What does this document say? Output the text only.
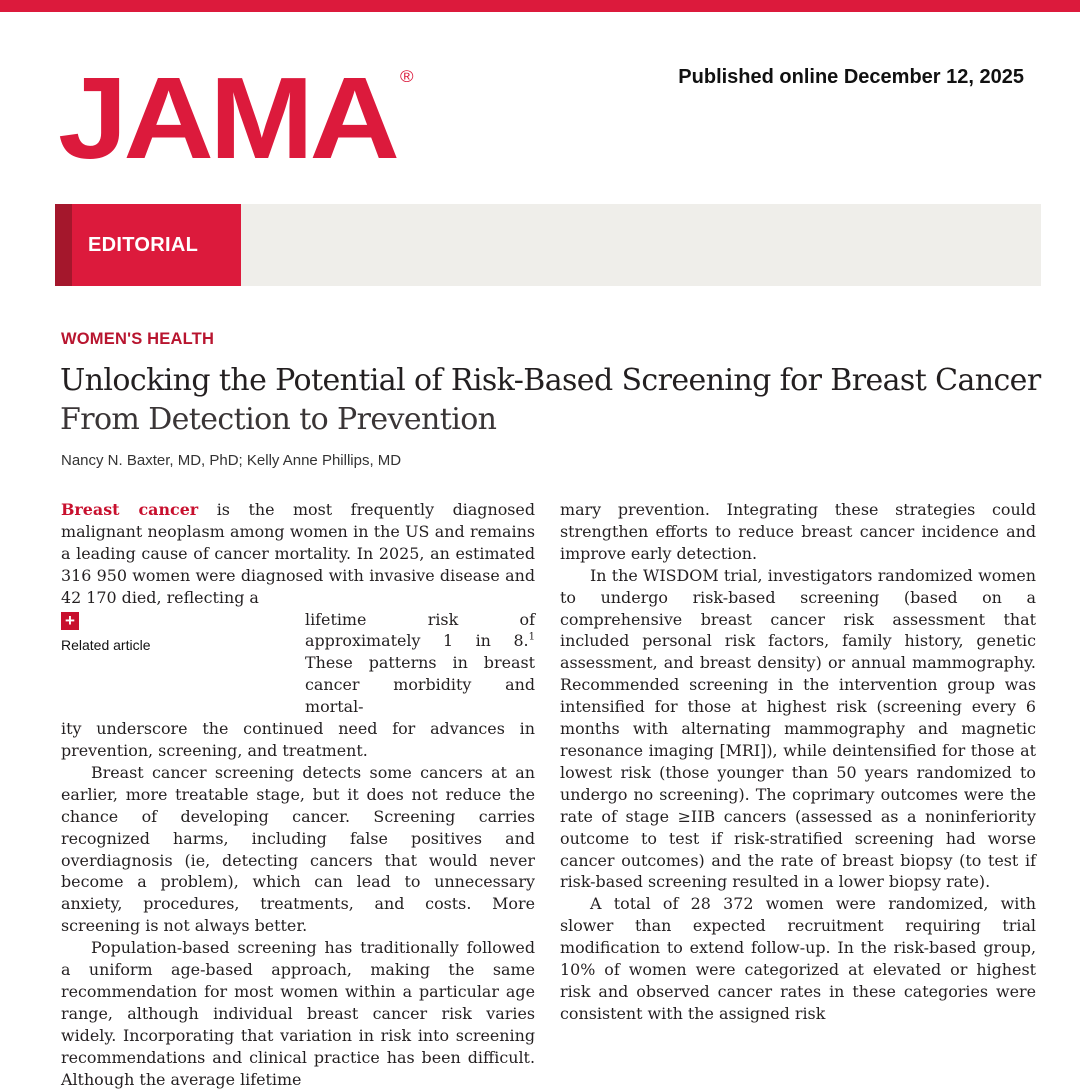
JAMA ®	Published online December 12, 2025
EDITORIAL
WOMEN'S HEALTH
Unlocking the Potential of Risk-Based Screening for Breast Cancer
From Detection to Prevention
Nancy N. Baxter, MD, PhD; Kelly Anne Phillips, MD

Breast cancer is the most frequently diagnosed malignant neoplasm among women in the US and remains a leading cause of cancer mortality. In 2025, an estimated 316 950 women were diagnosed with invasive disease and 42 170 died, reflecting a

lifetime risk of approximately 1 in 8.$^1$ These patterns in breast cancer morbidity and mortal-

ity underscore the continued need for advances in prevention, screening, and treatment.

Breast cancer screening detects some cancers at an earlier, more treatable stage, but it does not reduce the chance of developing cancer. Screening carries recognized harms, including false positives and overdiagnosis (ie, detecting cancers that would never become a problem), which can lead to unnecessary anxiety, procedures, treatments, and costs. More screening is not always better.

Population-based screening has traditionally followed a uniform age-based approach, making the same recommendation for most women within a particular age range, although individual breast cancer risk varies widely. Incorporating that variation in risk into screening recommendations and clinical practice has been difficult. Although the average lifetime

+
Related article

mary prevention. Integrating these strategies could strengthen efforts to reduce breast cancer incidence and improve early detection.

In the WISDOM trial, investigators randomized women to undergo risk-based screening (based on a comprehensive breast cancer risk assessment that included personal risk factors, family history, genetic assessment, and breast density) or annual mammography. Recommended screening in the intervention group was intensified for those at highest risk (screening every 6 months with alternating mammography and magnetic resonance imaging [MRI]), while deintensified for those at lowest risk (those younger than 50 years randomized to undergo no screening). The coprimary outcomes were the rate of stage ≥IIB cancers (assessed as a noninferiority outcome to test if risk-stratified screening had worse cancer outcomes) and the rate of breast biopsy (to test if risk-based screening resulted in a lower biopsy rate).

A total of 28 372 women were randomized, with slower than expected recruitment requiring trial modification to extend follow-up. In the risk-based group, 10% of women were categorized at elevated or highest risk and observed cancer rates in these categories were consistent with the assigned risk
